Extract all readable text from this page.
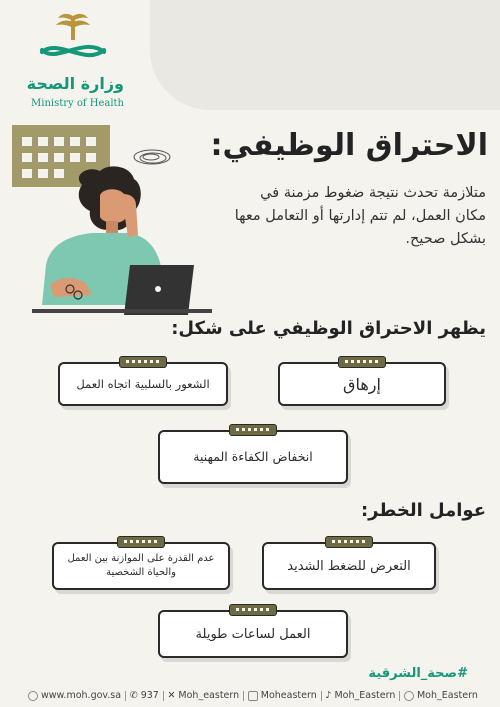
وزارة الصحة
Ministry of Health
الاحتراق الوظيفي:
متلازمة تحدث نتيجة ضغوط مزمنة في مكان العمل، لم تتم إدارتها أو التعامل معها بشكل صحيح.
يظهر الاحتراق الوظيفي على شكل:
إرهاق
الشعور بالسلبية اتجاه العمل
انخفاض الكفاءة المهنية
عوامل الخطر:
التعرض للضغط الشديد
عدم القدرة على الموازنة بين العمل والحياة الشخصية
العمل لساعات طويلة
#صحة_الشرقية
www.moh.gov.sa ✆ 937 ✕ Moh_eastern Moheastern ♪ Moh_Eastern Moh_Eastern
